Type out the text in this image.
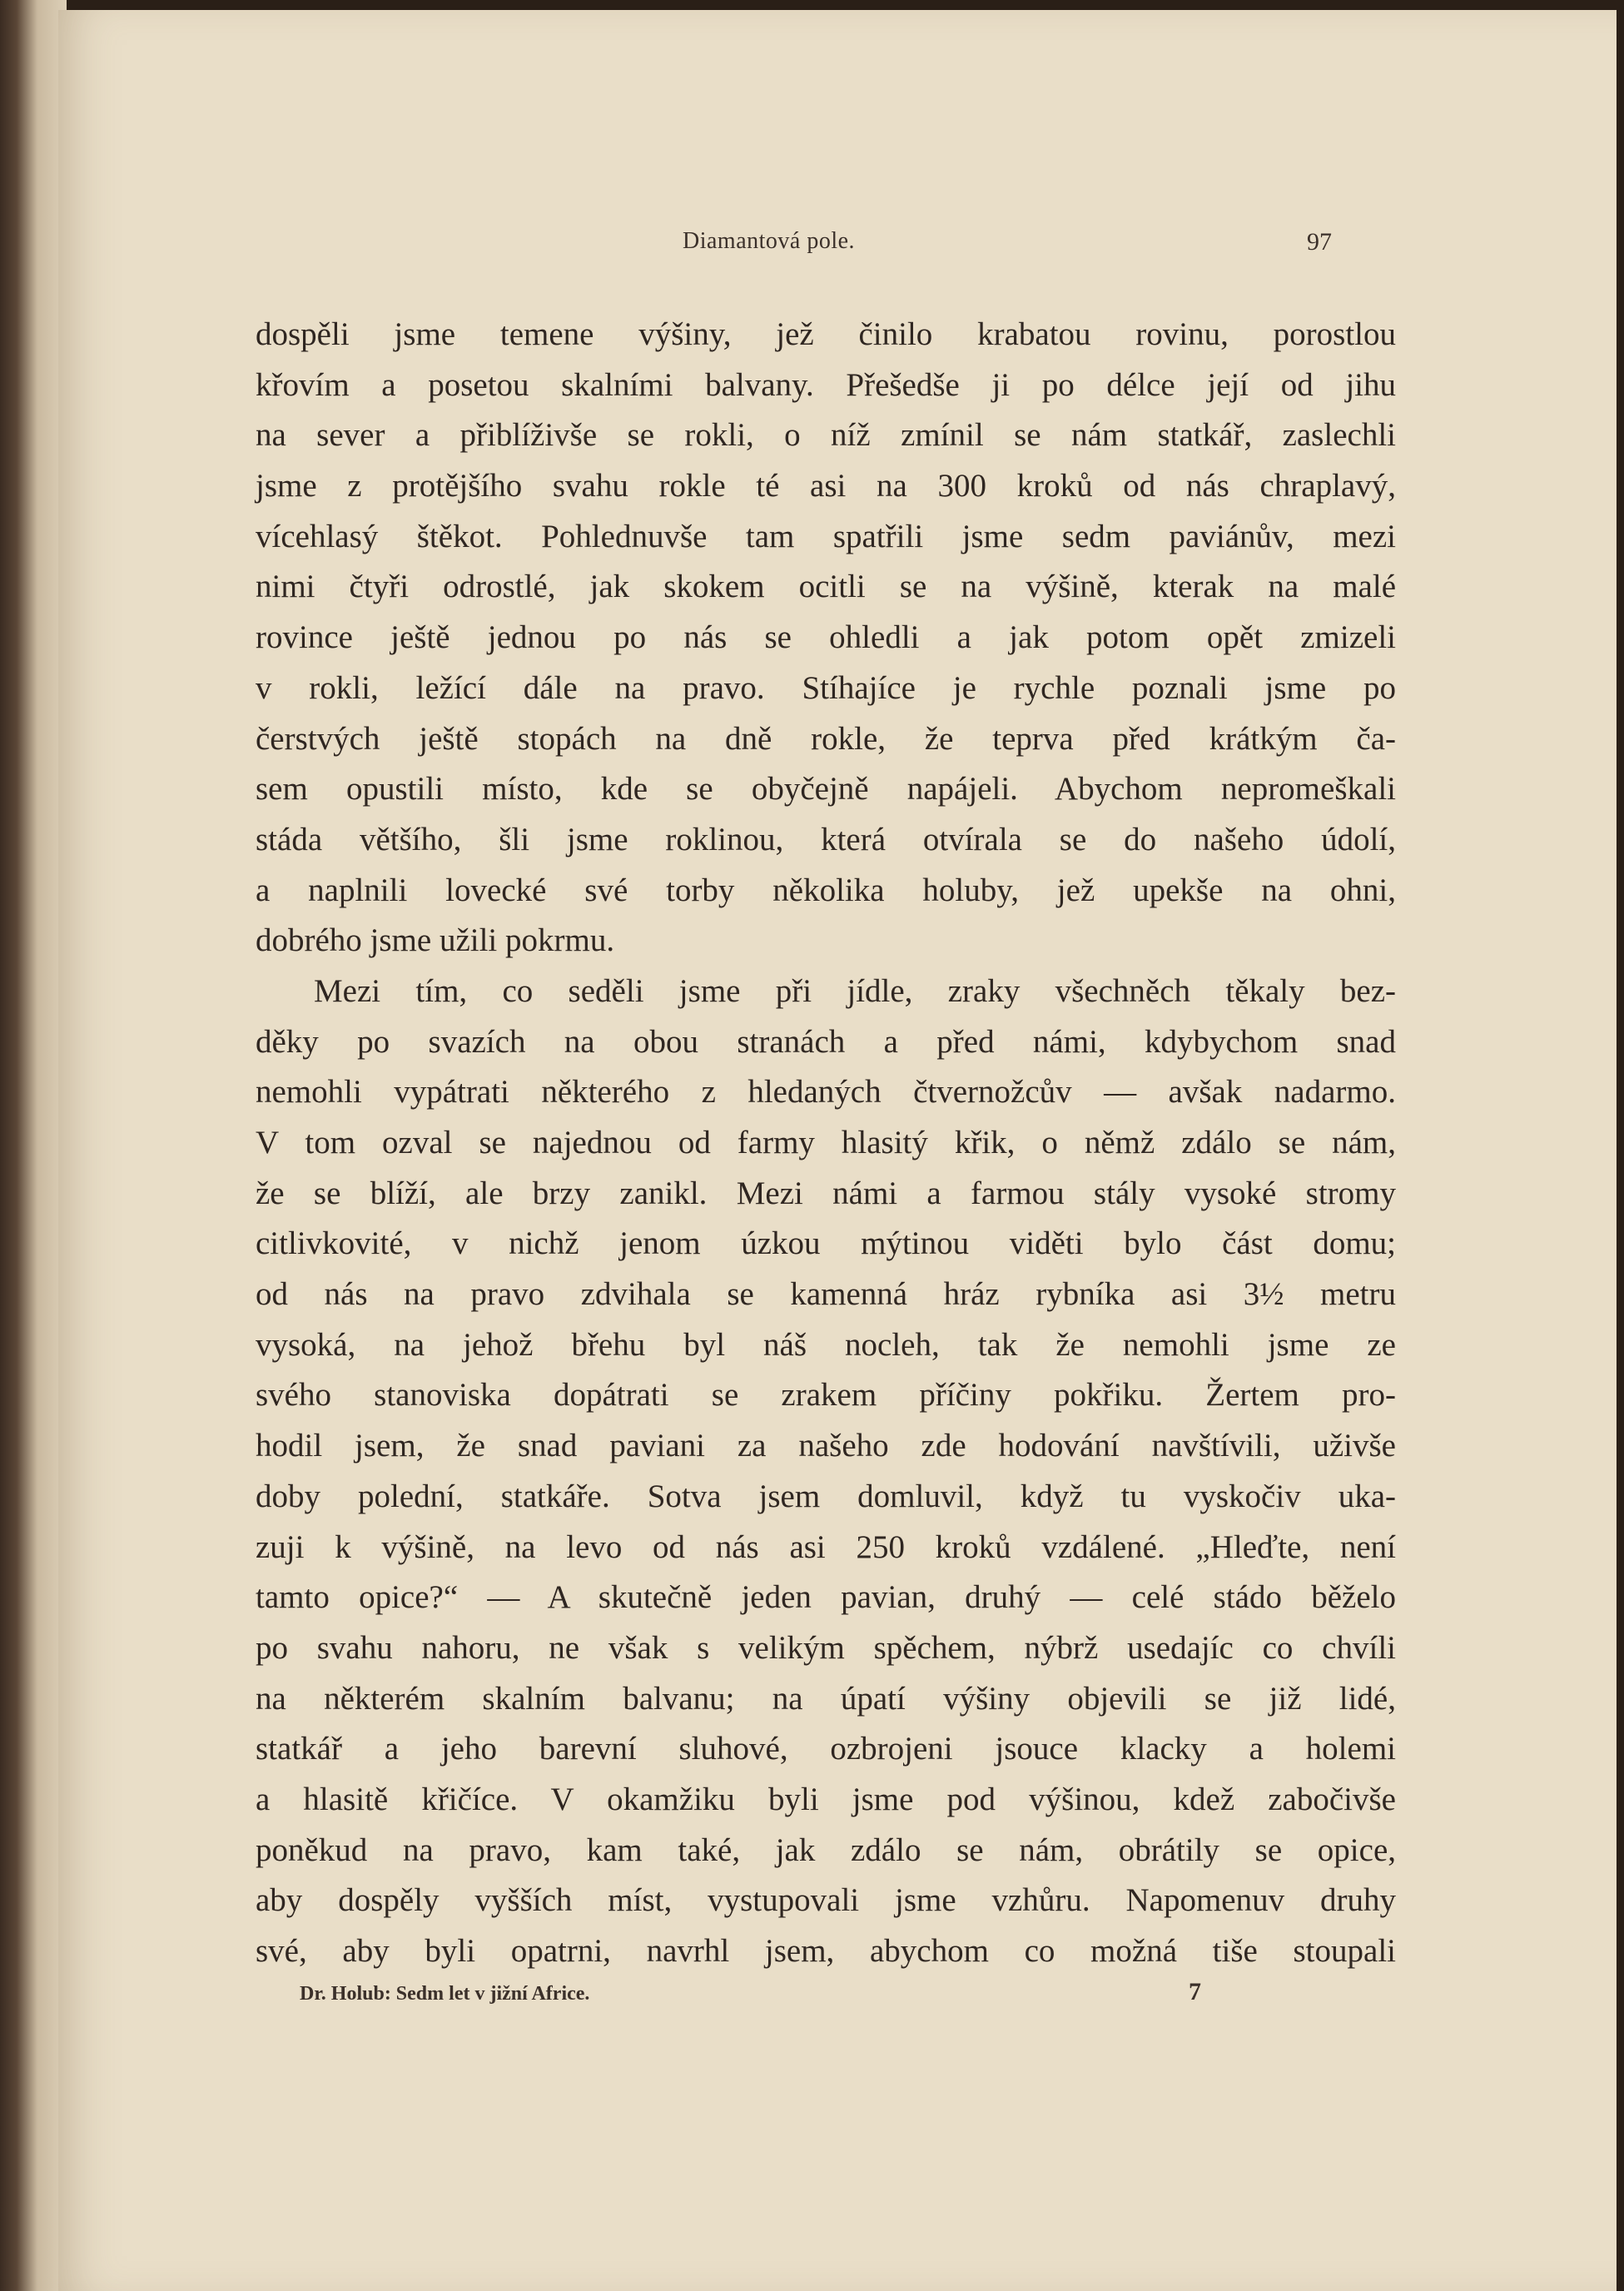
Diamantová pole.	97
dospěli jsme temene výšiny, jež činilo krabatou rovinu, porostlou
křovím a posetou skalními balvany. Přešedše ji po délce její od jihu
na sever a přiblíživše se rokli, o níž zmínil se nám statkář, zaslechli
jsme z protějšího svahu rokle té asi na 300 kroků od nás chraplavý,
vícehlasý štěkot. Pohlednuvše tam spatřili jsme sedm paviánův, mezi
nimi čtyři odrostlé, jak skokem ocitli se na výšině, kterak na malé
rovince ještě jednou po nás se ohledli a jak potom opět zmizeli
v rokli, ležící dále na pravo. Stíhajíce je rychle poznali jsme po
čerstvých ještě stopách na dně rokle, že teprva před krátkým ča-
sem opustili místo, kde se obyčejně napájeli. Abychom nepromeškali
stáda většího, šli jsme roklinou, která otvírala se do našeho údolí,
a naplnili lovecké své torby několika holuby, jež upekše na ohni,
dobrého jsme užili pokrmu.
Mezi tím, co seděli jsme při jídle, zraky všechněch těkaly bez-
děky po svazích na obou stranách a před námi, kdybychom snad
nemohli vypátrati některého z hledaných čtvernožcův — avšak nadarmo.
V tom ozval se najednou od farmy hlasitý křik, o němž zdálo se nám,
že se blíží, ale brzy zanikl. Mezi námi a farmou stály vysoké stromy
citlivkovité, v nichž jenom úzkou mýtinou viděti bylo část domu;
od nás na pravo zdvihala se kamenná hráz rybníka asi 3½ metru
vysoká, na jehož břehu byl náš nocleh, tak že nemohli jsme ze
svého stanoviska dopátrati se zrakem příčiny pokřiku. Žertem pro-
hodil jsem, že snad paviani za našeho zde hodování navštívili, uživše
doby polední, statkáře. Sotva jsem domluvil, když tu vyskočiv uka-
zuji k výšině, na levo od nás asi 250 kroků vzdálené. „Hleďte, není
tamto opice?“ — A skutečně jeden pavian, druhý — celé stádo běželo
po svahu nahoru, ne však s velikým spěchem, nýbrž usedajíc co chvíli
na některém skalním balvanu; na úpatí výšiny objevili se již lidé,
statkář a jeho barevní sluhové, ozbrojeni jsouce klacky a holemi
a hlasitě křičíce. V okamžiku byli jsme pod výšinou, kdež zabočivše
poněkud na pravo, kam také, jak zdálo se nám, obrátily se opice,
aby dospěly vyšších míst, vystupovali jsme vzhůru. Napomenuv druhy
své, aby byli opatrni, navrhl jsem, abychom co možná tiše stoupali
Dr. Holub: Sedm let v jižní Africe.	7
